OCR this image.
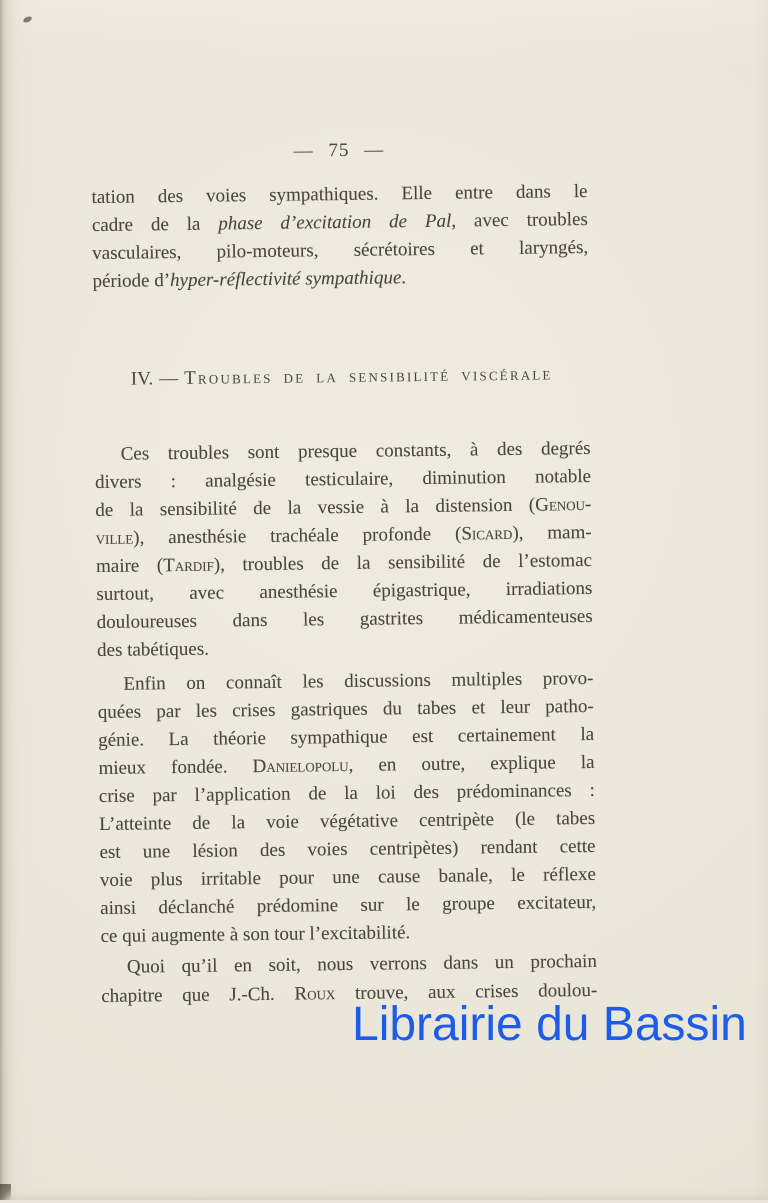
— 75 —
tation des voies sympathiques. Elle entre dans le
cadre de la phase d’excitation de Pal, avec troubles
vasculaires, pilo-moteurs, sécrétoires et laryngés,
période d’hyper-réflectivité sympathique.
IV. — Troubles de la sensibilité viscérale
Ces troubles sont presque constants, à des degrés
divers : analgésie testiculaire, diminution notable
de la sensibilité de la vessie à la distension (Genou-
ville), anesthésie trachéale profonde (Sicard), mam-
maire (Tardif), troubles de la sensibilité de l’estomac
surtout, avec anesthésie épigastrique, irradiations
douloureuses dans les gastrites médicamenteuses
des tabétiques.
Enfin on connaît les discussions multiples provo-
quées par les crises gastriques du tabes et leur patho-
génie. La théorie sympathique est certainement la
mieux fondée. Danielopolu, en outre, explique la
crise par l’application de la loi des prédominances :
L’atteinte de la voie végétative centripète (le tabes
est une lésion des voies centripètes) rendant cette
voie plus irritable pour une cause banale, le réflexe
ainsi déclanché prédomine sur le groupe excitateur,
ce qui augmente à son tour l’excitabilité.
Quoi qu’il en soit, nous verrons dans un prochain
chapitre que J.-Ch. Roux trouve, aux crises doulou-
Librairie du Bassin
